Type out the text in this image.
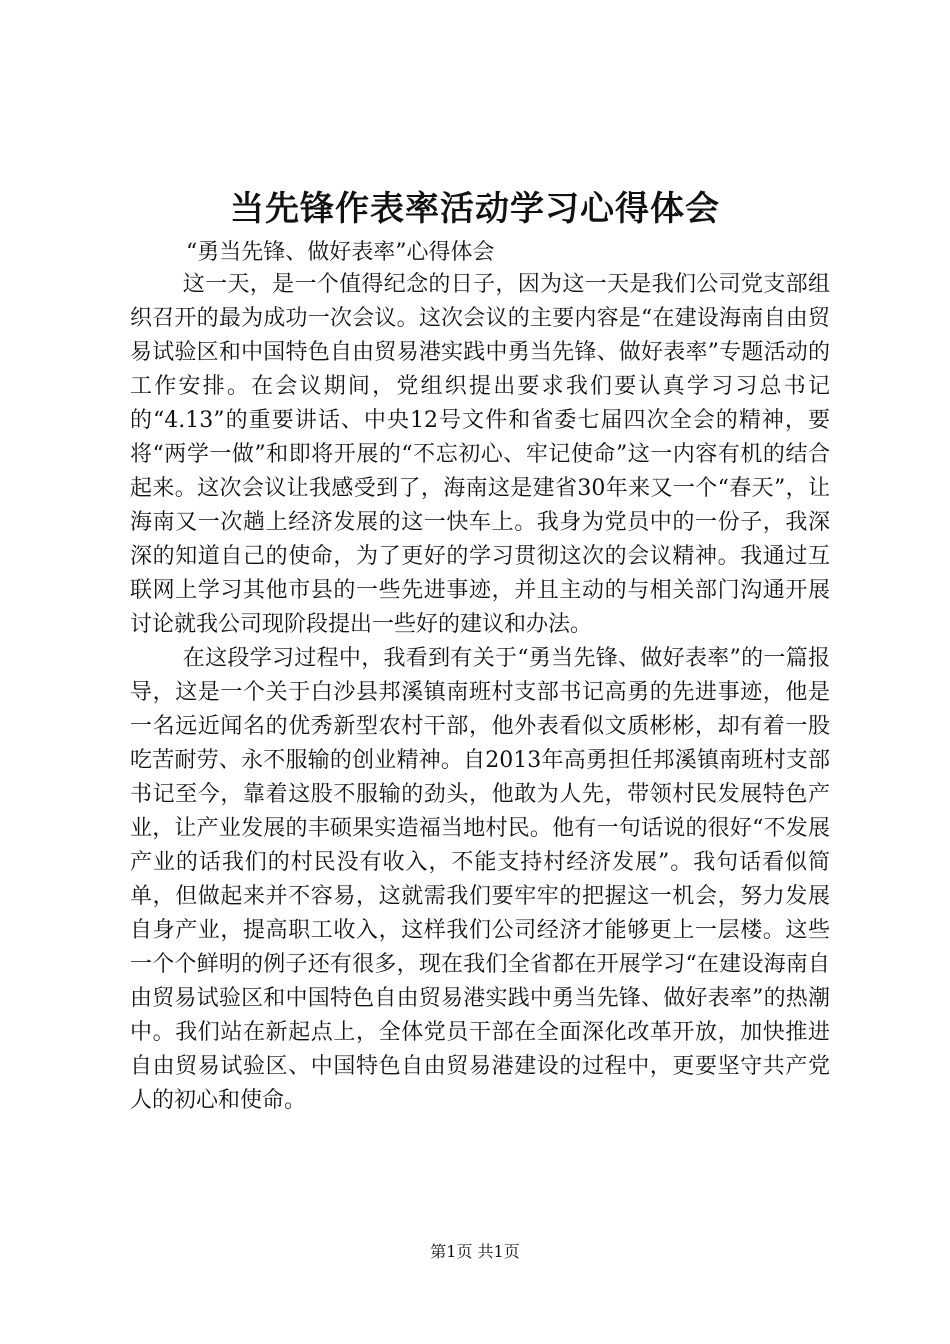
当先锋作表率活动学习心得体会
“勇当先锋、做好表率”心得体会

这一天，是一个值得纪念的日子，因为这一天是我们公司党支部组织召开的最为成功一次会议。这次会议的主要内容是“在建设海南自由贸易试验区和中国特色自由贸易港实践中勇当先锋、做好表率”专题活动的工作安排。在会议期间，党组织提出要求我们要认真学习习总书记的“4.13”的重要讲话、中央12号文件和省委七届四次全会的精神，要将“两学一做”和即将开展的“不忘初心、牢记使命”这一内容有机的结合起来。这次会议让我感受到了，海南这是建省30年来又一个“春天”，让海南又一次趟上经济发展的这一快车上。我身为党员中的一份子，我深深的知道自己的使命，为了更好的学习贯彻这次的会议精神。我通过互联网上学习其他市县的一些先进事迹，并且主动的与相关部门沟通开展讨论就我公司现阶段提出一些好的建议和办法。

在这段学习过程中，我看到有关于“勇当先锋、做好表率”的一篇报导，这是一个关于白沙县邦溪镇南班村支部书记高勇的先进事迹，他是一名远近闻名的优秀新型农村干部，他外表看似文质彬彬，却有着一股吃苦耐劳、永不服输的创业精神。自2013年高勇担任邦溪镇南班村支部书记至今，靠着这股不服输的劲头，他敢为人先，带领村民发展特色产业，让产业发展的丰硕果实造福当地村民。他有一句话说的很好“不发展产业的话我们的村民没有收入，不能支持村经济发展”。我句话看似简单，但做起来并不容易，这就需我们要牢牢的把握这一机会，努力发展自身产业，提高职工收入，这样我们公司经济才能够更上一层楼。这些一个个鲜明的例子还有很多，现在我们全省都在开展学习“在建设海南自由贸易试验区和中国特色自由贸易港实践中勇当先锋、做好表率”的热潮中。我们站在新起点上，全体党员干部在全面深化改革开放，加快推进自由贸易试验区、中国特色自由贸易港建设的过程中，更要坚守共产党人的初心和使命。

第1页 共1页
